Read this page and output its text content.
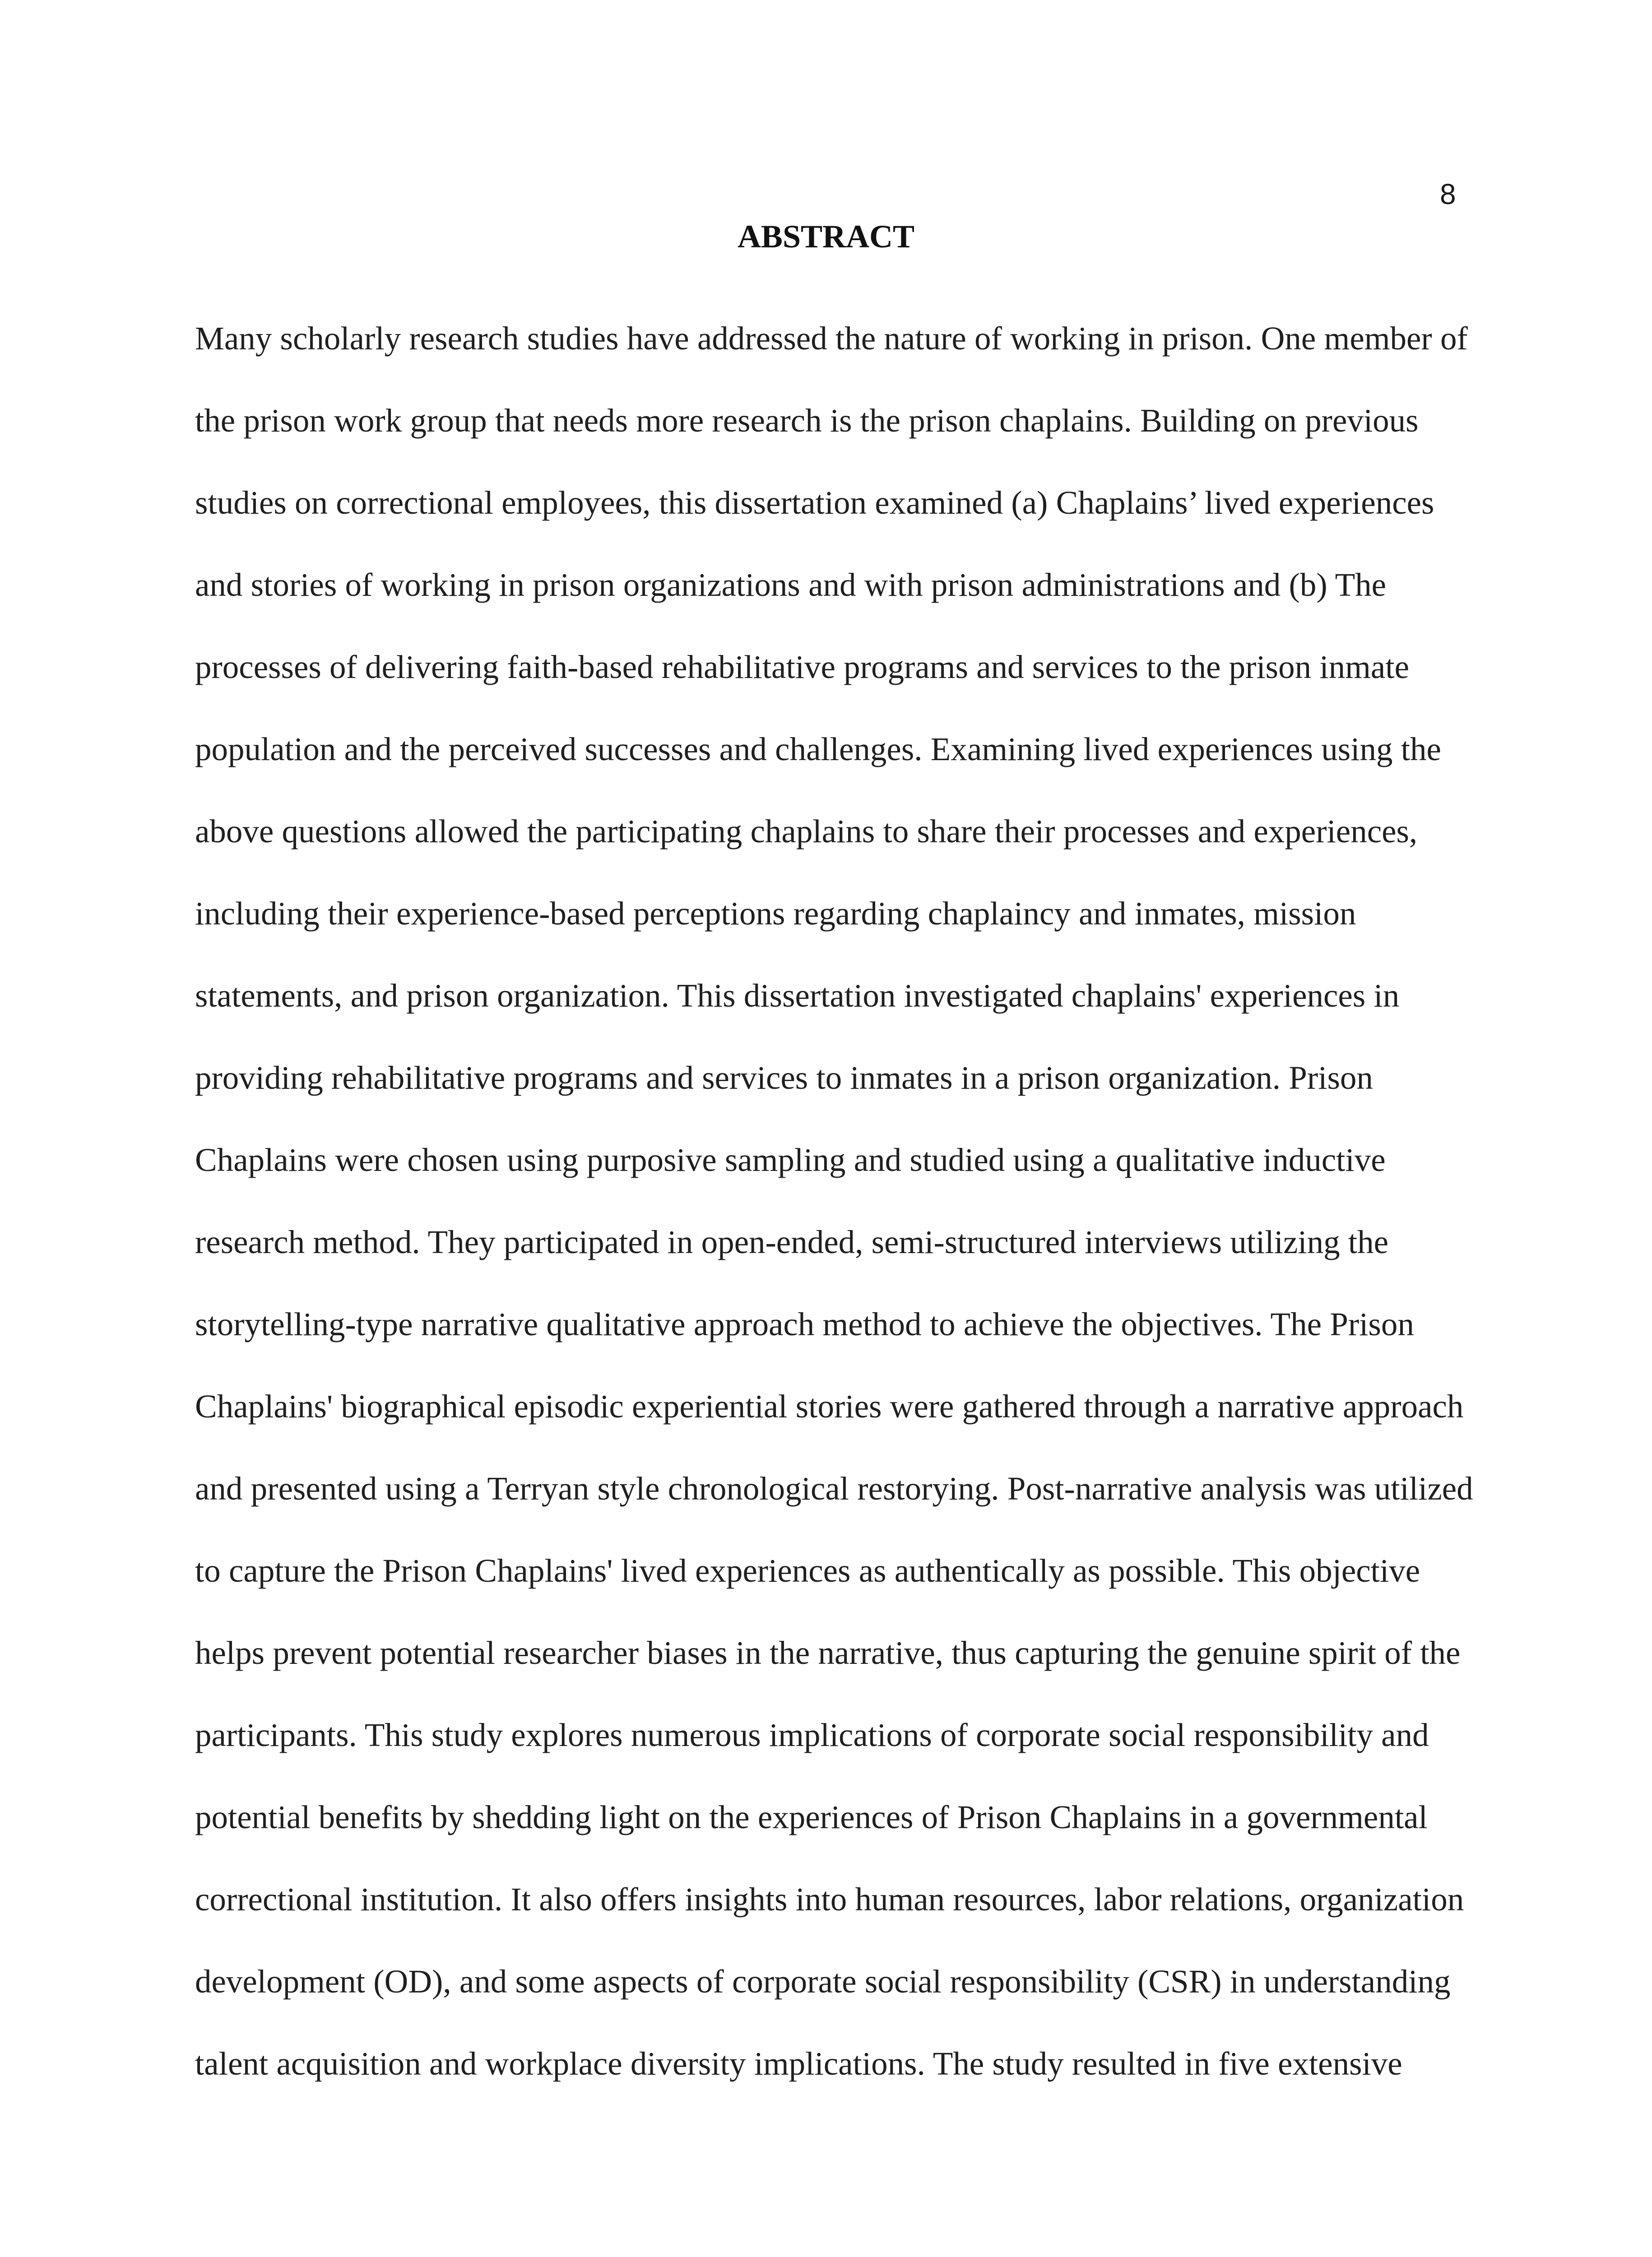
8
ABSTRACT
Many scholarly research studies have addressed the nature of working in prison. One member of
the prison work group that needs more research is the prison chaplains. Building on previous
studies on correctional employees, this dissertation examined (a) Chaplains’ lived experiences
and stories of working in prison organizations and with prison administrations and (b) The
processes of delivering faith-based rehabilitative programs and services to the prison inmate
population and the perceived successes and challenges. Examining lived experiences using the
above questions allowed the participating chaplains to share their processes and experiences,
including their experience-based perceptions regarding chaplaincy and inmates, mission
statements, and prison organization. This dissertation investigated chaplains' experiences in
providing rehabilitative programs and services to inmates in a prison organization. Prison
Chaplains were chosen using purposive sampling and studied using a qualitative inductive
research method. They participated in open-ended, semi-structured interviews utilizing the
storytelling-type narrative qualitative approach method to achieve the objectives. The Prison
Chaplains' biographical episodic experiential stories were gathered through a narrative approach
and presented using a Terryan style chronological restorying. Post-narrative analysis was utilized
to capture the Prison Chaplains' lived experiences as authentically as possible. This objective
helps prevent potential researcher biases in the narrative, thus capturing the genuine spirit of the
participants. This study explores numerous implications of corporate social responsibility and
potential benefits by shedding light on the experiences of Prison Chaplains in a governmental
correctional institution. It also offers insights into human resources, labor relations, organization
development (OD), and some aspects of corporate social responsibility (CSR) in understanding
talent acquisition and workplace diversity implications. The study resulted in five extensive
